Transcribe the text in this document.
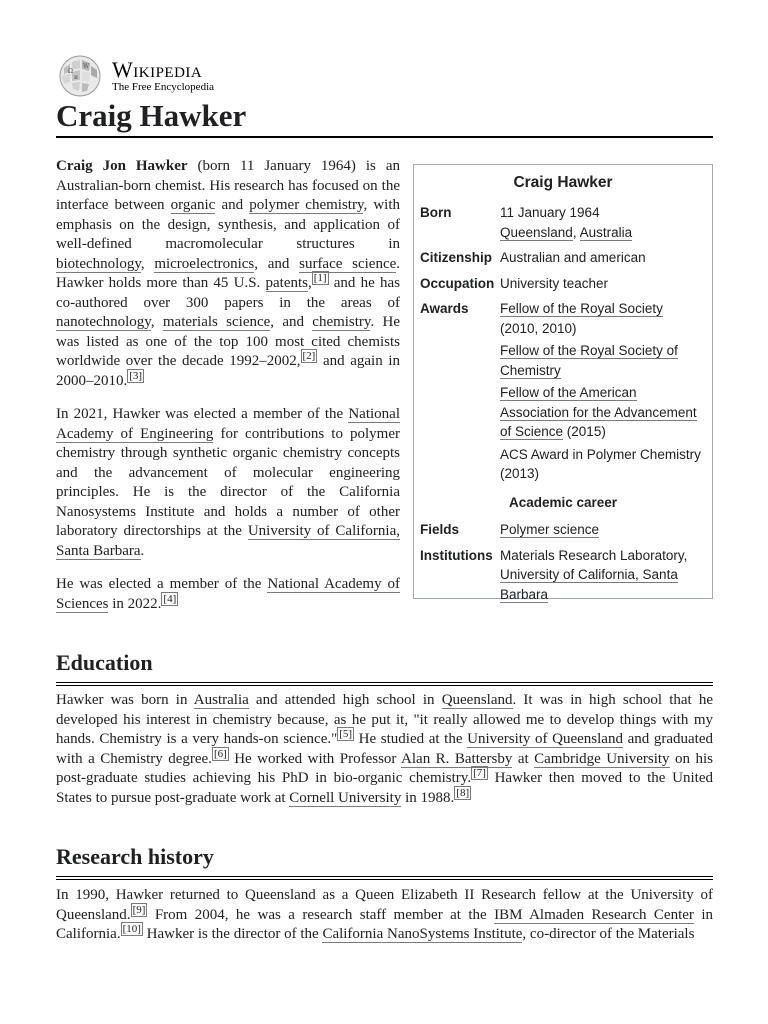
Ω
W
и Wikipedia
The Free Encyclopedia
Craig Hawker

Craig Jon Hawker (born 11 January 1964) is an Australian-born chemist. His research has focused on the interface between organic and polymer chemistry, with emphasis on the design, synthesis, and application of well-defined macromolecular structures in biotechnology, microelectronics, and surface science. Hawker holds more than 45 U.S. patents, [1] and he has co-authored over 300 papers in the areas of nanotechnology, materials science, and chemistry. He was listed as one of the top 100 most cited chemists worldwide over the decade 1992–2002, [2] and again in 2000–2010. [3]

In 2021, Hawker was elected a member of the National Academy of Engineering for contributions to polymer chemistry through synthetic organic chemistry concepts and the advancement of molecular engineering principles. He is the director of the California Nanosystems Institute and holds a number of other laboratory directorships at the University of California, Santa Barbara.

He was elected a member of the National Academy of Sciences in 2022. [4]

Craig Hawker
Born	11 January 1964
Queensland, Australia
Citizenship Australian and american
Occupation University teacher
Awards	Fellow of the Royal Society
(2010, 2010)
Fellow of the Royal Society of Chemistry
Fellow of the American Association for the Advancement of Science (2015)
ACS Award in Polymer Chemistry (2013)
Academic career
Fields	Polymer science
Institutions Materials Research Laboratory,
University of California, Santa Barbara
Education

Hawker was born in Australia and attended high school in Queensland. It was in high school that he developed his interest in chemistry because, as he put it, "it really allowed me to develop things with my hands. Chemistry is a very hands-on science." [5] He studied at the University of Queensland and graduated with a Chemistry degree. [6] He worked with Professor Alan R. Battersby at Cambridge University on his post-graduate studies achieving his PhD in bio-organic chemistry. [7] Hawker then moved to the United States to pursue post-graduate work at Cornell University in 1988. [8]

Research history

In 1990, Hawker returned to Queensland as a Queen Elizabeth II Research fellow at the University of Queensland. [9] From 2004, he was a research staff member at the IBM Almaden Research Center in California. [10] Hawker is the director of the California NanoSystems Institute, co-director of the Materials
